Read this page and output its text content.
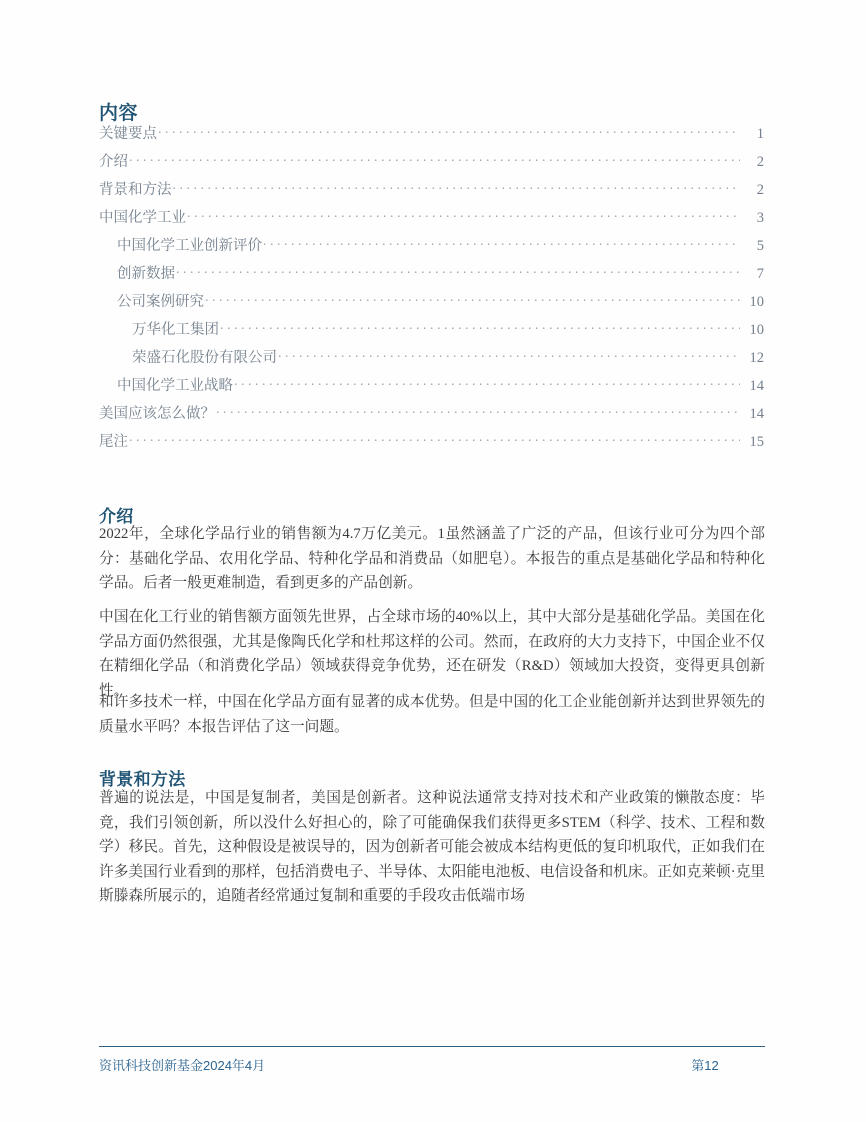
内容
关键要点 . . .	1
介绍 . . .	2
背景和方法 . . .	2
中国化学工业 . . .	3
中国化学工业创新评价 . . .	5
创新数据 . . .	7
公司案例研究 . . .	10
万华化工集团 . . .	10
荣盛石化股份有限公司 . . .	12
中国化学工业战略 . . .	14
美国应该怎么做？ . . .	14
尾注 . . .	15
介绍
2022年，全球化学品行业的销售额为4.7万亿美元。1虽然涵盖了广泛的产品，但该行业可分为四个部分：基础化学品、农用化学品、特种化学品和消费品（如肥皂）。本报告的重点是基础化学品和特种化学品。后者一般更难制造，看到更多的产品创新。
中国在化工行业的销售额方面领先世界，占全球市场的40%以上，其中大部分是基础化学品。美国在化学品方面仍然很强，尤其是像陶氏化学和杜邦这样的公司。然而，在政府的大力支持下，中国企业不仅在精细化学品（和消费化学品）领域获得竞争优势，还在研发（R&D）领域加大投资，变得更具创新性。
和许多技术一样，中国在化学品方面有显著的成本优势。但是中国的化工企业能创新并达到世界领先的质量水平吗？本报告评估了这一问题。
背景和方法
普遍的说法是，中国是复制者，美国是创新者。这种说法通常支持对技术和产业政策的懒散态度：毕竟，我们引领创新，所以没什么好担心的，除了可能确保我们获得更多STEM（科学、技术、工程和数学）移民。首先，这种假设是被误导的，因为创新者可能会被成本结构更低的复印机取代，正如我们在许多美国行业看到的那样，包括消费电子、半导体、太阳能电池板、电信设备和机床。正如克莱顿·克里斯滕森所展示的，追随者经常通过复制和重要的手段攻击低端市场
资讯科技创新基金2024年4月	第12
